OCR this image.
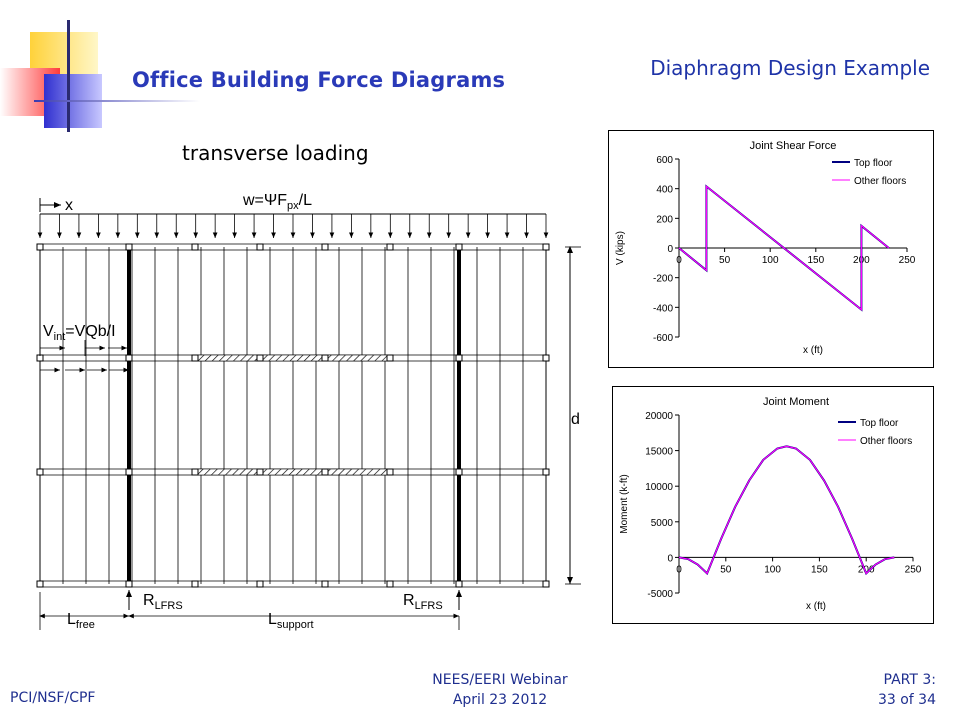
Office Building Force Diagrams	Diaphragm Design Example
transverse loading
x	$w=\Psi F_{px}/L$
$V_{int}=VQb/I$
d
$R_{LFRS}$	$R_{LFRS}$
$L_{free}$	$L_{support}$
Joint Shear Force
600
400
200
0
-200
-400
-600
0	50	100	150	200	250
x (ft)
V (kips)
Top floor
Other floors
Joint Moment
20000
15000
10000
5000
0
-5000
0	50	100	150	200	250
x (ft)
Moment (k-ft)
Top floor
Other floors
PCI/NSF/CPF
NEES/EERI Webinar
April 23 2012
PART 3:
33 of 34
